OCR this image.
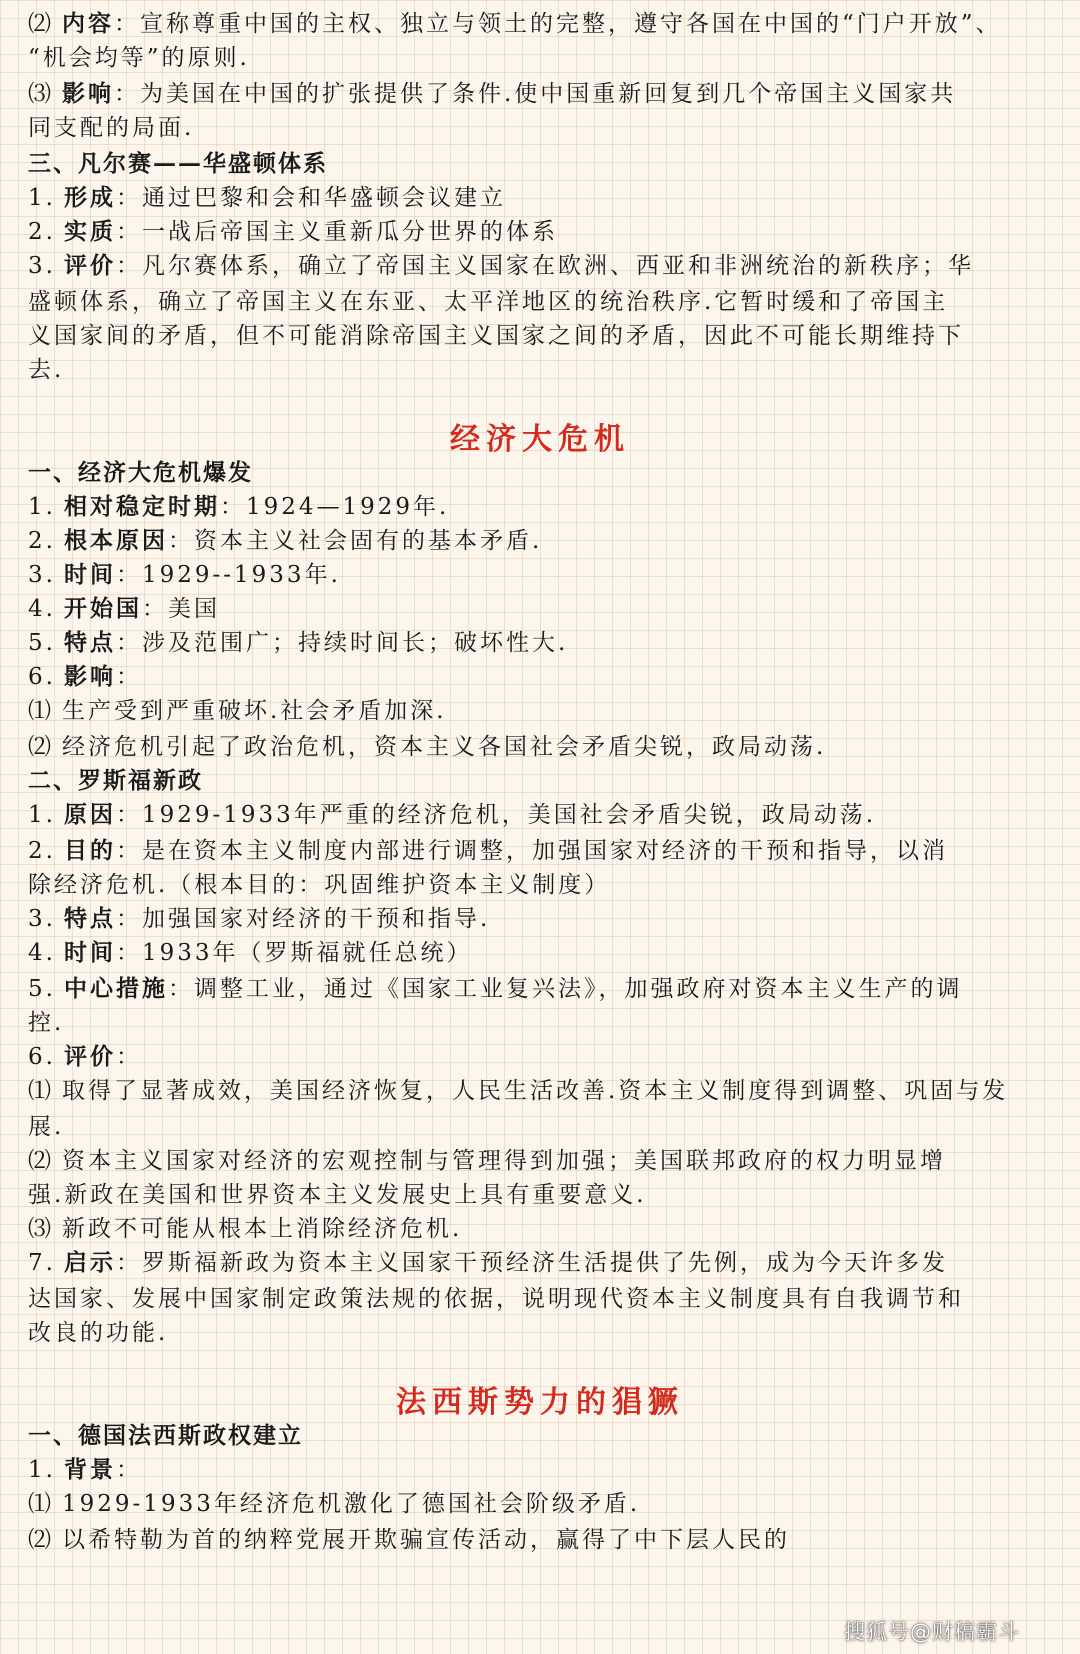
⑵ 内容：宣称尊重中国的主权、独立与领土的完整，遵守各国在中国的“门户开放”、
“机会均等”的原则.
⑶ 影响：为美国在中国的扩张提供了条件.使中国重新回复到几个帝国主义国家共
同支配的局面.
三、凡尔赛——华盛顿体系
1. 形成：通过巴黎和会和华盛顿会议建立
2. 实质：一战后帝国主义重新瓜分世界的体系
3. 评价：凡尔赛体系，确立了帝国主义国家在欧洲、西亚和非洲统治的新秩序；华
盛顿体系，确立了帝国主义在东亚、太平洋地区的统治秩序.它暂时缓和了帝国主
义国家间的矛盾，但不可能消除帝国主义国家之间的矛盾，因此不可能长期维持下
去.
一、经济大危机爆发
1. 相对稳定时期：1924—1929年.
2. 根本原因：资本主义社会固有的基本矛盾.
3. 时间：1929--1933年.
4. 开始国：美国
5. 特点：涉及范围广；持续时间长；破坏性大.
6. 影响：
⑴ 生产受到严重破坏.社会矛盾加深.
⑵ 经济危机引起了政治危机，资本主义各国社会矛盾尖锐，政局动荡.
二、罗斯福新政
1. 原因：1929-1933年严重的经济危机，美国社会矛盾尖锐，政局动荡.
2. 目的：是在资本主义制度内部进行调整，加强国家对经济的干预和指导，以消
除经济危机.（根本目的：巩固维护资本主义制度）
3. 特点：加强国家对经济的干预和指导.
4. 时间：1933年（罗斯福就任总统）
5. 中心措施：调整工业，通过《国家工业复兴法》，加强政府对资本主义生产的调
控.
6. 评价：
⑴ 取得了显著成效，美国经济恢复，人民生活改善.资本主义制度得到调整、巩固与发
展.
⑵ 资本主义国家对经济的宏观控制与管理得到加强；美国联邦政府的权力明显增
强.新政在美国和世界资本主义发展史上具有重要意义.
⑶ 新政不可能从根本上消除经济危机.
7. 启示：罗斯福新政为资本主义国家干预经济生活提供了先例，成为今天许多发
达国家、发展中国家制定政策法规的依据，说明现代资本主义制度具有自我调节和
改良的功能.
一、德国法西斯政权建立
1. 背景：
⑴ 1929-1933年经济危机激化了德国社会阶级矛盾.
⑵ 以希特勒为首的纳粹党展开欺骗宣传活动，赢得了中下层人民的
经济大危机
法西斯势力的猖獗
搜狐号@财稿霸斗
